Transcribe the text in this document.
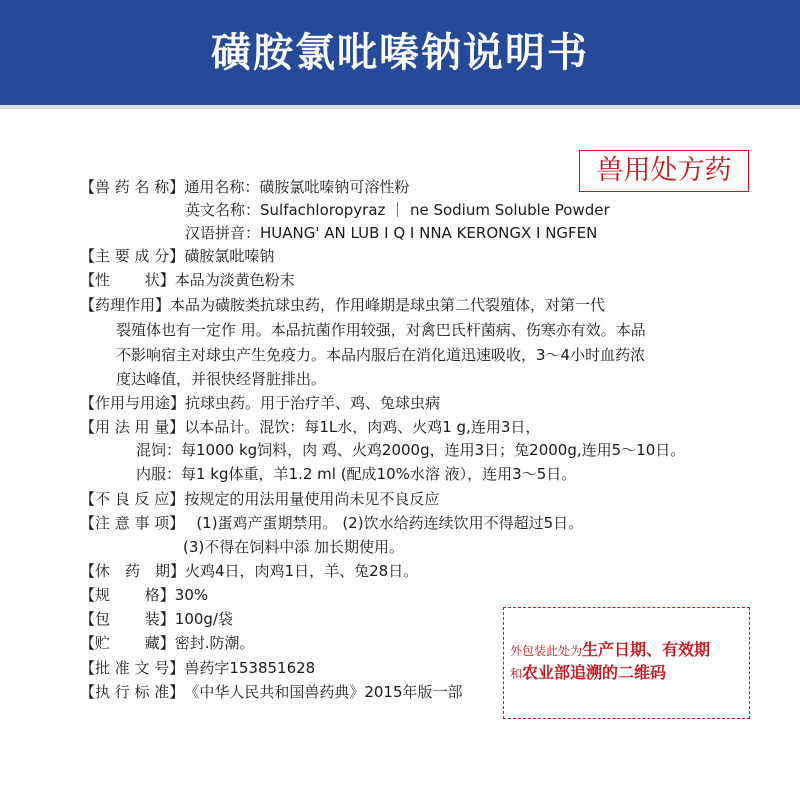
磺胺氯吡嗪钠说明书
兽用处方药
【兽 药 名 称】通用名称：磺胺氯吡嗪钠可溶性粉
英文名称：Sulfachloropyraz ｜ ne Sodium Soluble Powder
汉语拼音：HUANG' AN LUB I Q I NNA KERONGX I NGFEN
【主 要 成 分】磺胺氯吡嗪钠
【性　　 状】本品为淡黄色粉末
【药理作用】本品为磺胺类抗球虫药，作用峰期是球虫第二代裂殖体，对第一代
裂殖体也有一定作 用。本品抗菌作用较强，对禽巴氏杆菌病、伤寒亦有效。本品
不影响宿主对球虫产生免疫力。本品内服后在消化道迅速吸收，3～4小时血药浓
度达峰值，并很快经肾脏排出。
【作用与用途】抗球虫药。用于治疗羊、鸡、兔球虫病
【用 法 用 量】以本品计。混饮：每1L水，肉鸡、火鸡1 g,连用3日，
混饲：每1000 kg饲料，肉 鸡、火鸡2000g，连用3日；兔2000g,连用5～10日。
内服：每1 kg体重，羊1.2 ml (配成10%水溶 液），连用3～5日。
【不 良 反 应】按规定的用法用量使用尚未见不良反应
【注 意 事 项】 (1)蛋鸡产蛋期禁用。 (2)饮水给药连续饮用不得超过5日。
(3)不得在饲料中添 加长期使用。
【休　药　期】火鸡4日，肉鸡1日，羊、兔28日。
【规　　 格】30%
【包　　 装】100g/袋
【贮　　 藏】密封.防潮。
【批 准 文 号】兽药字153851628
【执 行 标 准】《中华人民共和国兽药典》2015年版一部
外包装此处为生产日期、有效期
和农业部追溯的二维码
